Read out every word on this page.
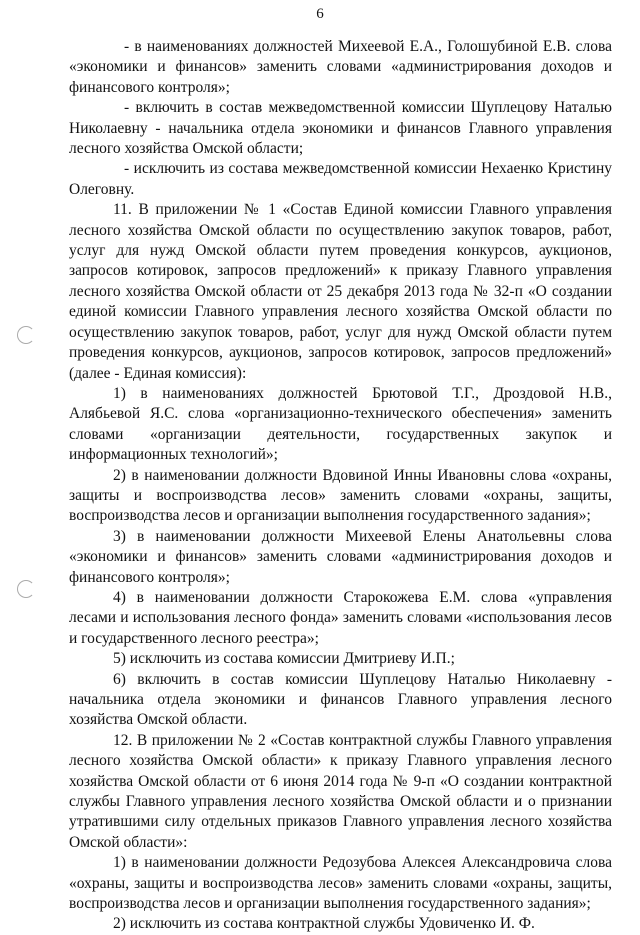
6

- в наименованиях должностей Михеевой Е.А., Голошубиной Е.В. слова «экономики и финансов» заменить словами «администрирования доходов и финансового контроля»;

- включить в состав межведомственной комиссии Шуплецову Наталью Николаевну - начальника отдела экономики и финансов Главного управления лесного хозяйства Омской области;

- исключить из состава межведомственной комиссии Нехаенко Кристину Олеговну.

11. В приложении № 1 «Состав Единой комиссии Главного управления лесного хозяйства Омской области по осуществлению закупок товаров, работ, услуг для нужд Омской области путем проведения конкурсов, аукционов, запросов котировок, запросов предложений» к приказу Главного управления лесного хозяйства Омской области от 25 декабря 2013 года № 32-п «О создании единой комиссии Главного управления лесного хозяйства Омской области по осуществлению закупок товаров, работ, услуг для нужд Омской области путем проведения конкурсов, аукционов, запросов котировок, запросов предложений» (далее - Единая комиссия):

1) в наименованиях должностей Брютовой Т.Г., Дроздовой Н.В., Алябьевой Я.С. слова «организационно-технического обеспечения» заменить словами «организации деятельности, государственных закупок и информационных технологий»;

2) в наименовании должности Вдовиной Инны Ивановны слова «охраны, защиты и воспроизводства лесов» заменить словами «охраны, защиты, воспроизводства лесов и организации выполнения государственного задания»;

3) в наименовании должности Михеевой Елены Анатольевны слова «экономики и финансов» заменить словами «администрирования доходов и финансового контроля»;

4) в наименовании должности Старокожева Е.М. слова «управления лесами и использования лесного фонда» заменить словами «использования лесов и государственного лесного реестра»;

5) исключить из состава комиссии Дмитриеву И.П.;

6) включить в состав комиссии Шуплецову Наталью Николаевну - начальника отдела экономики и финансов Главного управления лесного хозяйства Омской области.

12. В приложении № 2 «Состав контрактной службы Главного управления лесного хозяйства Омской области» к приказу Главного управления лесного хозяйства Омской области от 6 июня 2014 года № 9-п «О создании контрактной службы Главного управления лесного хозяйства Омской области и о признании утратившими силу отдельных приказов Главного управления лесного хозяйства Омской области»:

1) в наименовании должности Редозубова Алексея Александровича слова «охраны, защиты и воспроизводства лесов» заменить словами «охраны, защиты, воспроизводства лесов и организации выполнения государственного задания»;

2) исключить из состава контрактной службы Удовиченко И. Ф.
